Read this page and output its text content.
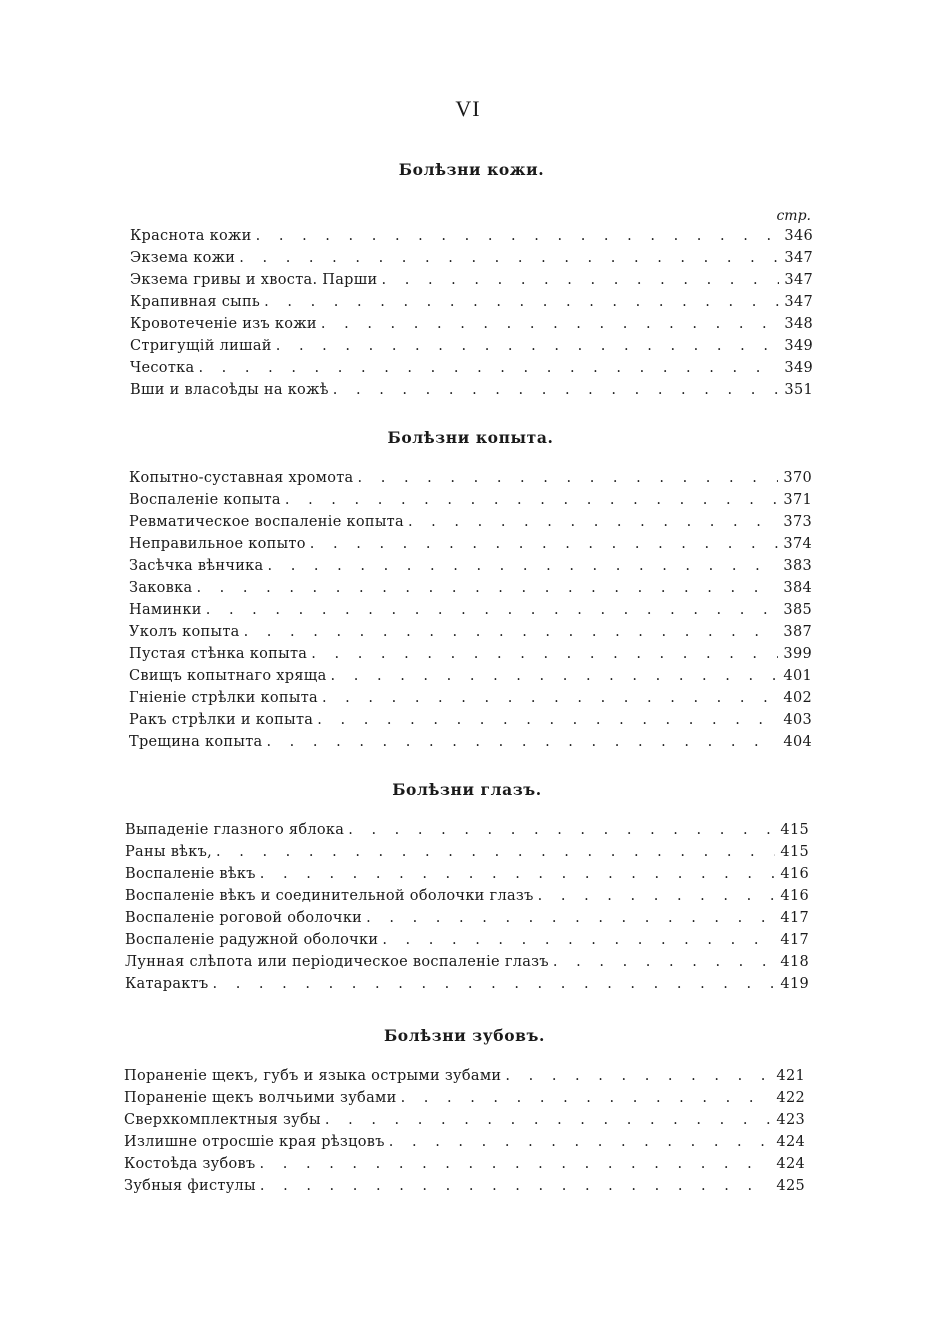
VI
Болѣзни кожи.
стр.
Краснота кожи . . .	346
Экзема кожи . . .	347
Экзема гривы и хвоста. Парши . . .	347
Крапивная сыпь . . .	347
Кровотеченіе изъ кожи . . .	348
Стригущій лишай . . .	349
Чесотка . . .	349
Вши и власоѣды на кожѣ . . .	351
Болѣзни копыта.
Копытно-суставная хромота . . .	370
Воспаленіе копыта . . .	371
Ревматическое воспаленіе копыта . . .	373
Неправильное копыто . . .	374
Засѣчка вѣнчика . . .	383
Заковка . . .	384
Наминки . . .	385
Уколъ копыта . . .	387
Пустая стѣнка копыта . . .	399
Свищъ копытнаго хряща . . .	401
Гніеніе стрѣлки копыта . . .	402
Ракъ стрѣлки и копыта . . .	403
Трещина копыта . . .	404
Болѣзни глазъ.
Выпаденіе глазного яблока . . .	415
Раны вѣкъ, . . .	415
Воспаленіе вѣкъ . . .	416
Воспаленіе вѣкъ и соединительной оболочки глазъ . . .	416
Воспаленіе роговой оболочки . . .	417
Воспаленіе радужной оболочки . . .	417
Лунная слѣпота или періодическое воспаленіе глазъ . . .	418
Катарактъ . . .	419
Болѣзни зубовъ.
Пораненіе щекъ, губъ и языка острыми зубами . . .	421
Пораненіе щекъ волчьими зубами . . .	422
Сверхкомплектныя зубы . . .	423
Излишне отросшіе края рѣзцовъ . . .	424
Костоѣда зубовъ . . .	424
Зубныя фистулы . . .	425
